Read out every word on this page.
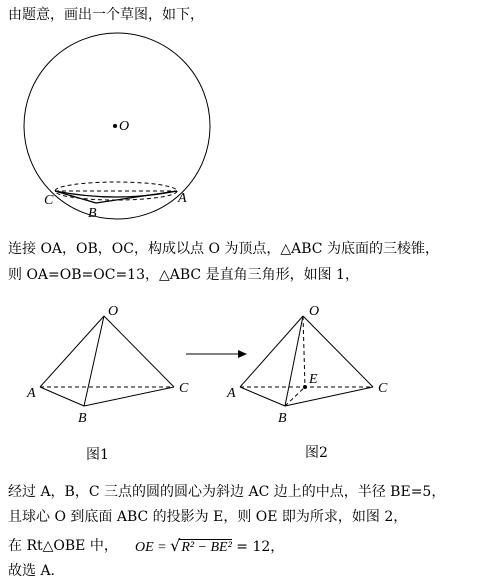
由题意，画出一个草图，如下，
O
C
B
A
连接 OA，OB，OC，构成以点 O 为顶点，△ABC 为底面的三棱锥，
则 OA=OB=OC=13，△ABC 是直角三角形，如图 1，
O
A
B
C
O
E
A
B
C
图1	图2
经过 A，B，C 三点的圆的圆心为斜边 AC 边上的中点，半径 BE=5，
且球心 O 到底面 ABC 的投影为 E，则 OE 即为所求，如图 2，
在 Rt△OBE 中， OE = √R² − BE² = 12，
故选 A.
